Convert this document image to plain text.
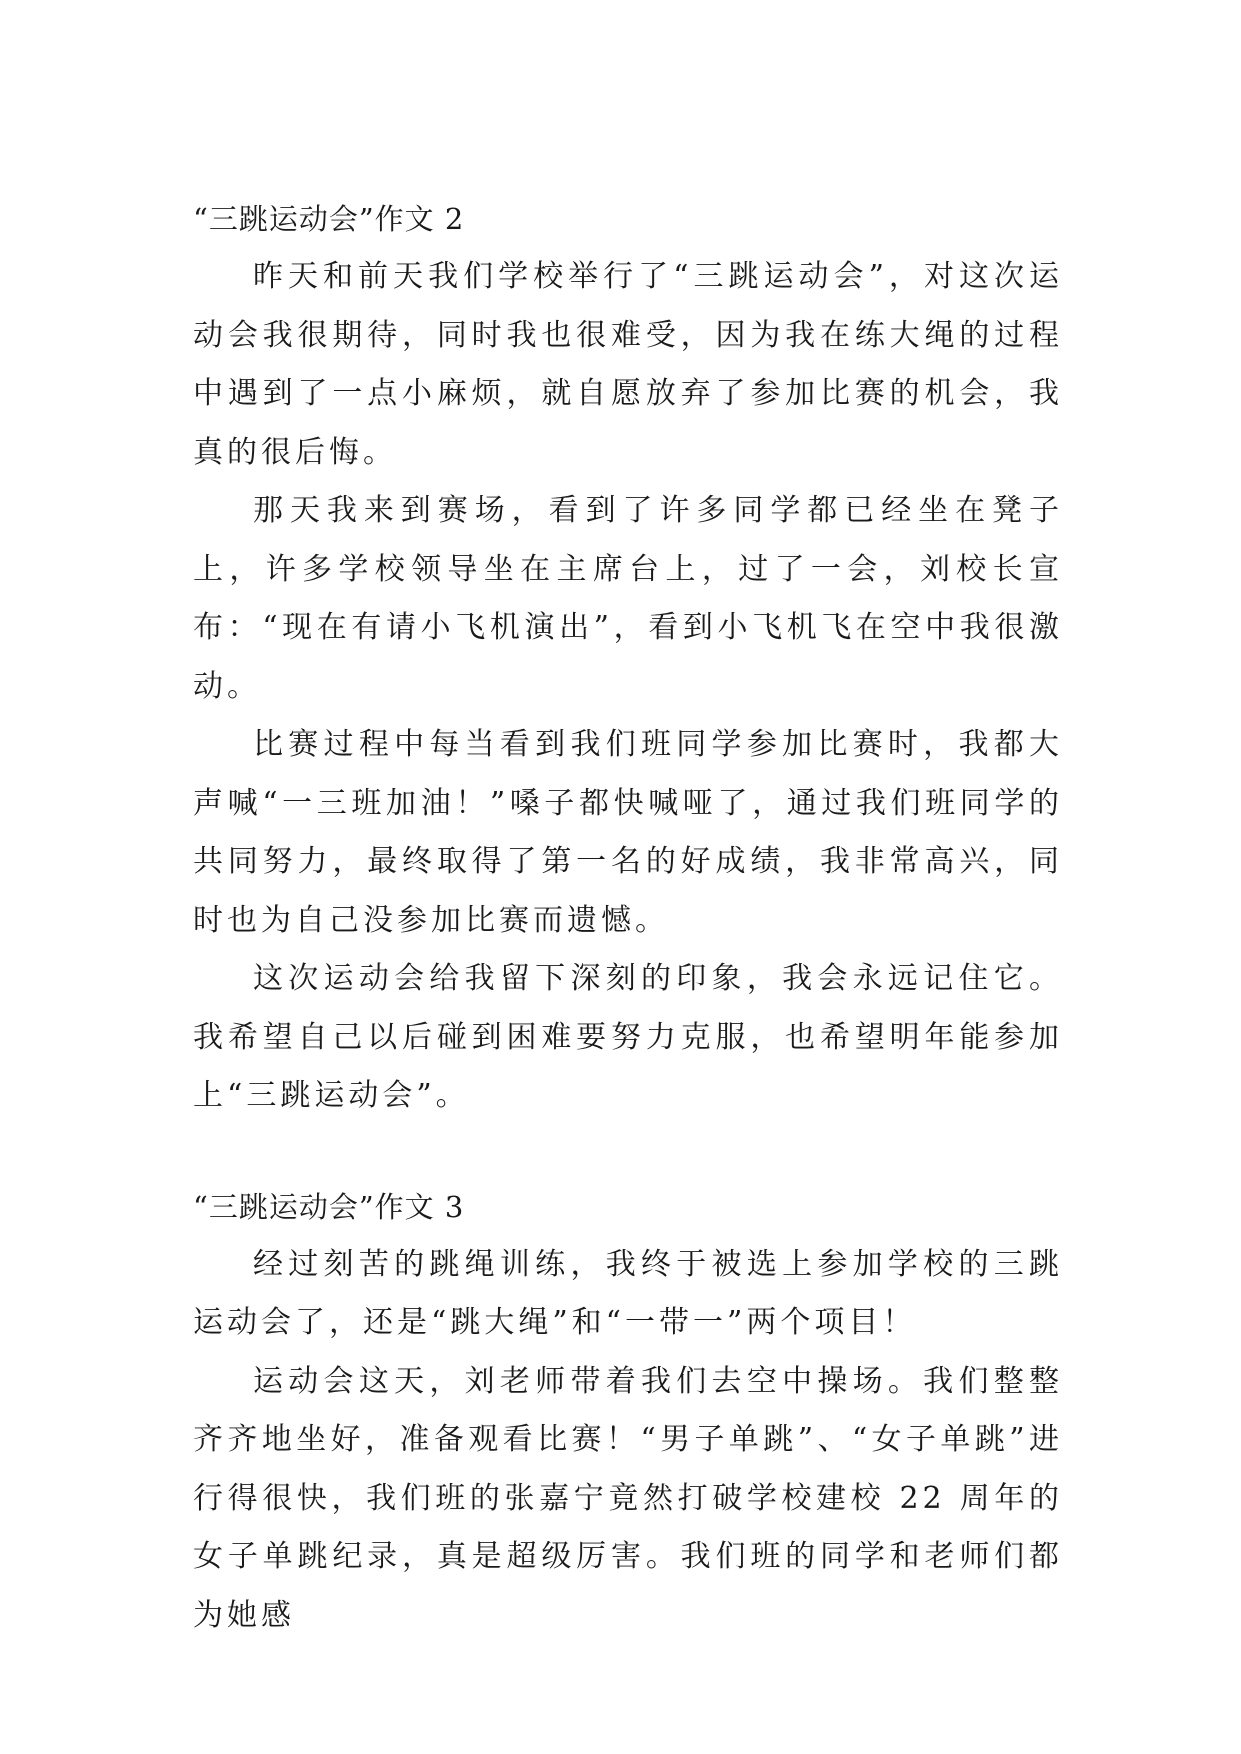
“三跳运动会”作文 2

昨天和前天我们学校举行了“三跳运动会”，对这次运动会我很期待，同时我也很难受，因为我在练大绳的过程中遇到了一点小麻烦，就自愿放弃了参加比赛的机会，我真的很后悔。

那天我来到赛场，看到了许多同学都已经坐在凳子上，许多学校领导坐在主席台上，过了一会，刘校长宣布：“现在有请小飞机演出”，看到小飞机飞在空中我很激动。

比赛过程中每当看到我们班同学参加比赛时，我都大声喊“一三班加油！”嗓子都快喊哑了，通过我们班同学的共同努力，最终取得了第一名的好成绩，我非常高兴，同时也为自己没参加比赛而遗憾。

这次运动会给我留下深刻的印象，我会永远记住它。我希望自己以后碰到困难要努力克服，也希望明年能参加上“三跳运动会”。

“三跳运动会”作文 3

经过刻苦的跳绳训练，我终于被选上参加学校的三跳运动会了，还是“跳大绳”和“一带一”两个项目！

运动会这天，刘老师带着我们去空中操场。我们整整齐齐地坐好，准备观看比赛！“男子单跳”、“女子单跳”进行得很快，我们班的张嘉宁竟然打破学校建校 22 周年的女子单跳纪录，真是超级厉害。我们班的同学和老师们都为她感
